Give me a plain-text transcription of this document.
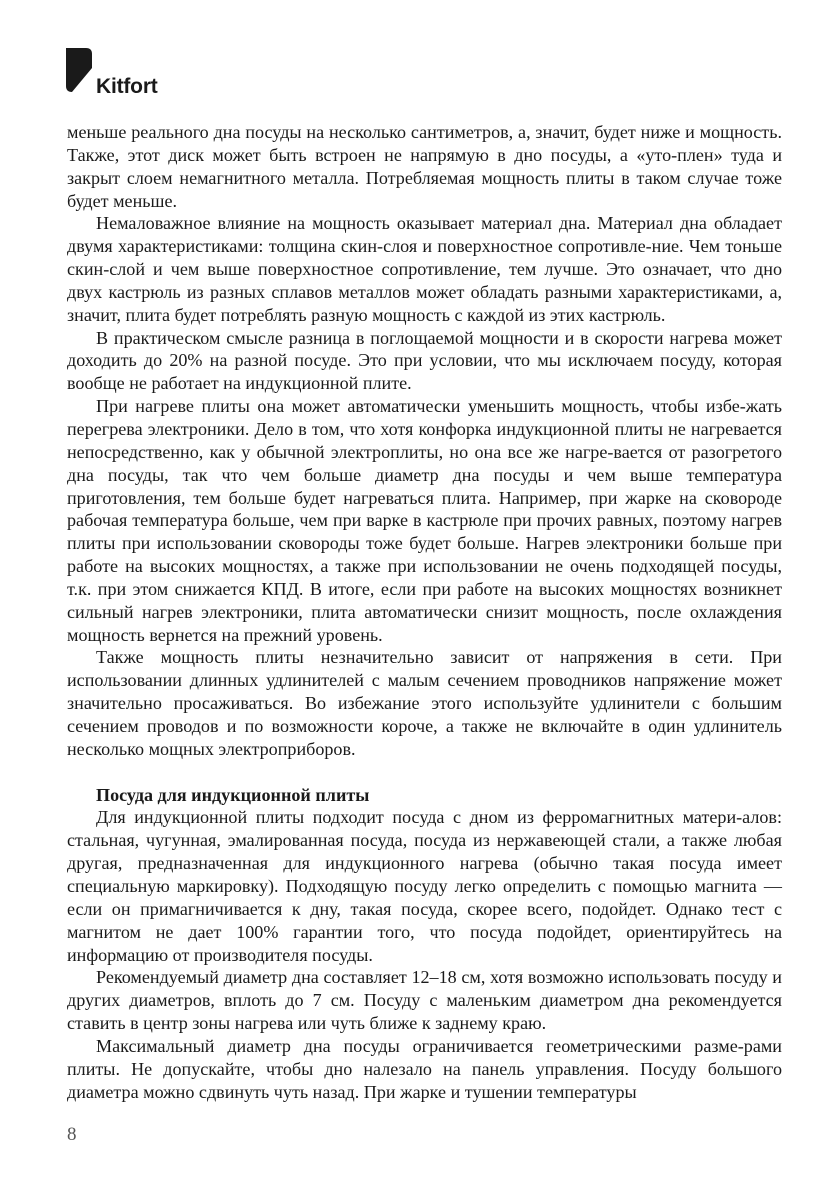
Kitfort

меньше реального дна посуды на несколько сантиметров, а, значит, будет ниже и мощность. Также, этот диск может быть встроен не напрямую в дно посуды, а «уто-плен» туда и закрыт слоем немагнитного металла. Потребляемая мощность плиты в таком случае тоже будет меньше.

Немаловажное влияние на мощность оказывает материал дна. Материал дна обладает двумя характеристиками: толщина скин-слоя и поверхностное сопротивле-ние. Чем тоньше скин-слой и чем выше поверхностное сопротивление, тем лучше. Это означает, что дно двух кастрюль из разных сплавов металлов может обладать разными характеристиками, а, значит, плита будет потреблять разную мощность с каждой из этих кастрюль.

В практическом смысле разница в поглощаемой мощности и в скорости нагрева может доходить до 20% на разной посуде. Это при условии, что мы исключаем посуду, которая вообще не работает на индукционной плите.

При нагреве плиты она может автоматически уменьшить мощность, чтобы избе-жать перегрева электроники. Дело в том, что хотя конфорка индукционной плиты не нагревается непосредственно, как у обычной электроплиты, но она все же нагре-вается от разогретого дна посуды, так что чем больше диаметр дна посуды и чем выше температура приготовления, тем больше будет нагреваться плита. Например, при жарке на сковороде рабочая температура больше, чем при варке в кастрюле при прочих равных, поэтому нагрев плиты при использовании сковороды тоже будет больше. Нагрев электроники больше при работе на высоких мощностях, а также при использовании не очень подходящей посуды, т.к. при этом снижается КПД. В итоге, если при работе на высоких мощностях возникнет сильный нагрев электроники, плита автоматически снизит мощность, после охлаждения мощность вернется на прежний уровень.

Также мощность плиты незначительно зависит от напряжения в сети. При использовании длинных удлинителей с малым сечением проводников напряжение может значительно просаживаться. Во избежание этого используйте удлинители с большим сечением проводов и по возможности короче, а также не включайте в один удлинитель несколько мощных электроприборов.

Посуда для индукционной плиты

Для индукционной плиты подходит посуда с дном из ферромагнитных матери-алов: стальная, чугунная, эмалированная посуда, посуда из нержавеющей стали, а также любая другая, предназначенная для индукционного нагрева (обычно такая посуда имеет специальную маркировку). Подходящую посуду легко определить с помощью магнита — если он примагничивается к дну, такая посуда, скорее всего, подойдет. Однако тест с магнитом не дает 100% гарантии того, что посуда подойдет, ориентируйтесь на информацию от производителя посуды.

Рекомендуемый диаметр дна составляет 12–18 см, хотя возможно использовать посуду и других диаметров, вплоть до 7 см. Посуду с маленьким диаметром дна рекомендуется ставить в центр зоны нагрева или чуть ближе к заднему краю.

Максимальный диаметр дна посуды ограничивается геометрическими разме-рами плиты. Не допускайте, чтобы дно налезало на панель управления. Посуду большого диаметра можно сдвинуть чуть назад. При жарке и тушении температуры

8
